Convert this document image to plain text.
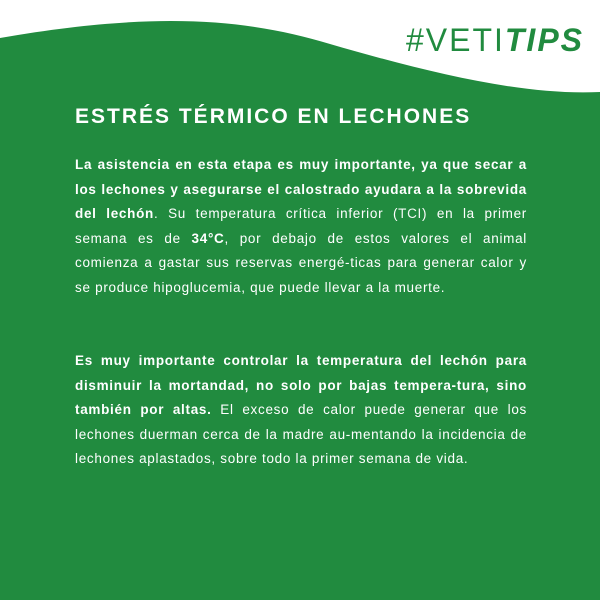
#VETITIPS
ESTRÉS TÉRMICO EN LECHONES

La asistencia en esta etapa es muy importante, ya que secar a los lechones y asegurarse el calostrado ayudara a la sobrevida del lechón. Su temperatura crítica inferior (TCI) en la primer semana es de 34°C, por debajo de estos valores el animal comienza a gastar sus reservas energé-ticas para generar calor y se produce hipoglucemia, que puede llevar a la muerte.

Es muy importante controlar la temperatura del lechón para disminuir la mortandad, no solo por bajas tempera-tura, sino también por altas. El exceso de calor puede generar que los lechones duerman cerca de la madre au-mentando la incidencia de lechones aplastados, sobre todo la primer semana de vida.
